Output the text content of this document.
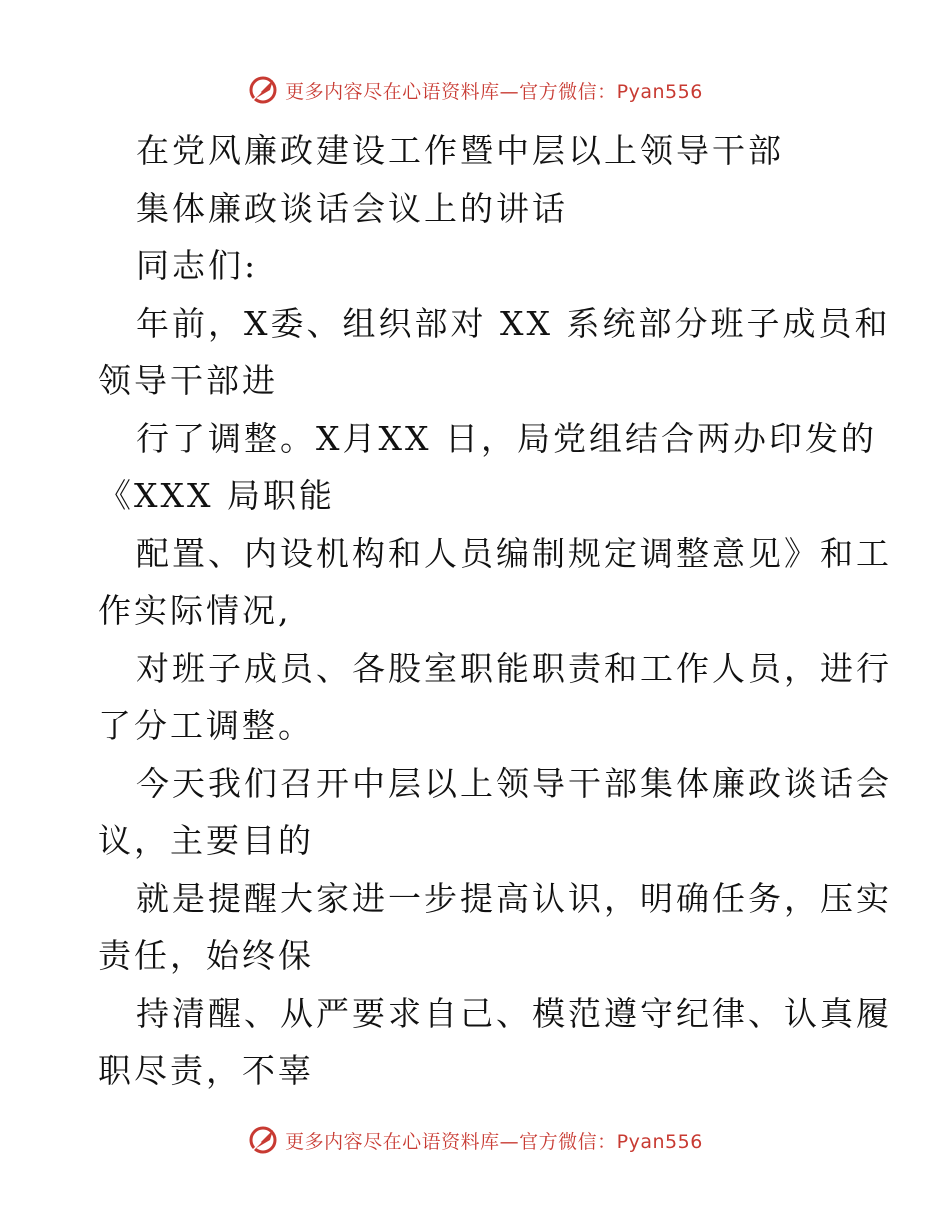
更多内容尽在心语资料库—官方微信：Pyan556
在党风廉政建设工作暨中层以上领导干部
集体廉政谈话会议上的讲话
同志们:
年前，X委、组织部对 XX 系统部分班子成员和
领导干部进
行了调整。X月XX 日，局党组结合两办印发的
《XXX 局职能
配置、内设机构和人员编制规定调整意见》和工
作实际情况,
对班子成员、各股室职能职责和工作人员，进行
了分工调整。
今天我们召开中层以上领导干部集体廉政谈话会
议，主要目的
就是提醒大家进一步提高认识，明确任务，压实
责任，始终保
持清醒、从严要求自己、模范遵守纪律、认真履
职尽责，不辜
更多内容尽在心语资料库—官方微信：Pyan556
